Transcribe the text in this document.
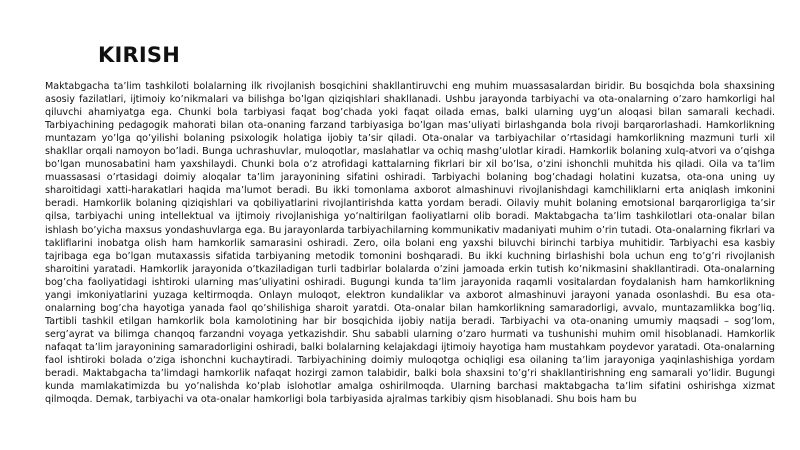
KIRISH

Maktabgacha ta’lim tashkiloti bolalarning ilk rivojlanish bosqichini shakllantiruvchi eng muhim muassasalardan biridir. Bu bosqichda bola shaxsining asosiy fazilatlari, ijtimoiy ko’nikmalari va bilishga bo’lgan qiziqishlari shakllanadi. Ushbu jarayonda tarbiyachi va ota-onalarning o’zaro hamkorligi hal qiluvchi ahamiyatga ega. Chunki bola tarbiyasi faqat bog’chada yoki faqat oilada emas, balki ularning uyg’un aloqasi bilan samarali kechadi. Tarbiyachining pedagogik mahorati bilan ota-onaning farzand tarbiyasiga bo’lgan mas’uliyati birlashganda bola rivoji barqarorlashadi. Hamkorlikning muntazam yo’lga qo’yilishi bolaning psixologik holatiga ijobiy ta’sir qiladi. Ota-onalar va tarbiyachilar o’rtasidagi hamkorlikning mazmuni turli xil shakllar orqali namoyon bo’ladi. Bunga uchrashuvlar, muloqotlar, maslahatlar va ochiq mashg’ulotlar kiradi. Hamkorlik bolaning xulq-atvori va o’qishga bo’lgan munosabatini ham yaxshilaydi. Chunki bola o’z atrofidagi kattalarning fikrlari bir xil bo’lsa, o’zini ishonchli muhitda his qiladi. Oila va ta’lim muassasasi o’rtasidagi doimiy aloqalar ta’lim jarayonining sifatini oshiradi. Tarbiyachi bolaning bog’chadagi holatini kuzatsa, ota-ona uning uy sharoitidagi xatti-harakatlari haqida ma’lumot beradi. Bu ikki tomonlama axborot almashinuvi rivojlanishdagi kamchiliklarni erta aniqlash imkonini beradi. Hamkorlik bolaning qiziqishlari va qobiliyatlarini rivojlantirishda katta yordam beradi. Oilaviy muhit bolaning emotsional barqarorligiga ta’sir qilsa, tarbiyachi uning intellektual va ijtimoiy rivojlanishiga yo’naltirilgan faoliyatlarni olib boradi. Maktabgacha ta’lim tashkilotlari ota-onalar bilan ishlash bo’yicha maxsus yondashuvlarga ega. Bu jarayonlarda tarbiyachilarning kommunikativ madaniyati muhim o’rin tutadi. Ota-onalarning fikrlari va takliflarini inobatga olish ham hamkorlik samarasini oshiradi. Zero, oila bolani eng yaxshi biluvchi birinchi tarbiya muhitidir. Tarbiyachi esa kasbiy tajribaga ega bo’lgan mutaxassis sifatida tarbiyaning metodik tomonini boshqaradi. Bu ikki kuchning birlashishi bola uchun eng to’g’ri rivojlanish sharoitini yaratadi. Hamkorlik jarayonida o’tkaziladigan turli tadbirlar bolalarda o’zini jamoada erkin tutish ko’nikmasini shakllantiradi. Ota-onalarning bog’cha faoliyatidagi ishtiroki ularning mas’uliyatini oshiradi. Bugungi kunda ta’lim jarayonida raqamli vositalardan foydalanish ham hamkorlikning yangi imkoniyatlarini yuzaga keltirmoqda. Onlayn muloqot, elektron kundaliklar va axborot almashinuvi jarayoni yanada osonlashdi. Bu esa ota-onalarning bog’cha hayotiga yanada faol qo’shilishiga sharoit yaratdi. Ota-onalar bilan hamkorlikning samaradorligi, avvalo, muntazamlikka bog’liq. Tartibli tashkil etilgan hamkorlik bola kamolotining har bir bosqichida ijobiy natija beradi. Tarbiyachi va ota-onaning umumiy maqsadi – sog’lom, serg’ayrat va bilimga chanqoq farzandni voyaga yetkazishdir. Shu sababli ularning o’zaro hurmati va tushunishi muhim omil hisoblanadi. Hamkorlik nafaqat ta’lim jarayonining samaradorligini oshiradi, balki bolalarning kelajakdagi ijtimoiy hayotiga ham mustahkam poydevor yaratadi. Ota-onalarning faol ishtiroki bolada o’ziga ishonchni kuchaytiradi. Tarbiyachining doimiy muloqotga ochiqligi esa oilaning ta’lim jarayoniga yaqinlashishiga yordam beradi. Maktabgacha ta’limdagi hamkorlik nafaqat hozirgi zamon talabidir, balki bola shaxsini to’g’ri shakllantirishning eng samarali yo’lidir. Bugungi kunda mamlakatimizda bu yo’nalishda ko’plab islohotlar amalga oshirilmoqda. Ularning barchasi maktabgacha ta’lim sifatini oshirishga xizmat qilmoqda. Demak, tarbiyachi va ota-onalar hamkorligi bola tarbiyasida ajralmas tarkibiy qism hisoblanadi. Shu bois ham bu
